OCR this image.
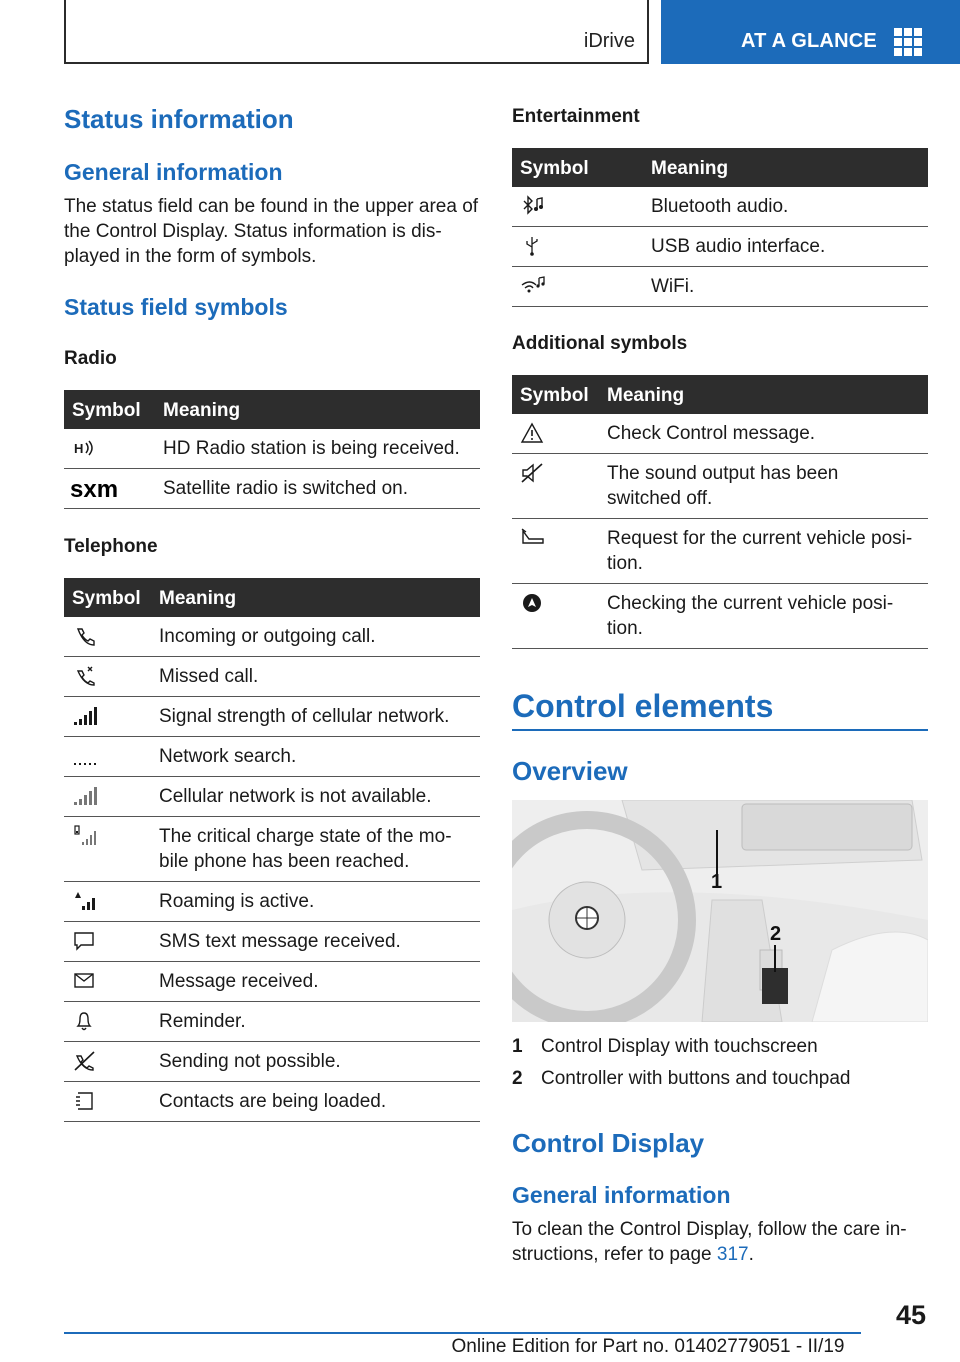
iDrive	AT A GLANCE
Status information
General information
The status field can be found in the upper area of
the Control Display. Status information is dis‐
played in the form of symbols.
Status field symbols
Radio
Symbol Meaning
H	HD Radio station is being received.
sxm Satellite radio is switched on.
Telephone
Symbol Meaning
Incoming or outgoing call.
Missed call.
Signal strength of cellular network.
Network search.
Cellular network is not available.
The critical charge state of the mo‐
bile phone has been reached.
Roaming is active.
SMS text message received.
Message received.
Reminder.
Sending not possible.
Contacts are being loaded.
Entertainment
Symbol	Meaning
Bluetooth audio.
USB audio interface.
WiFi.
Additional symbols
Symbol Meaning
Check Control message.
The sound output has been
switched off.
Request for the current vehicle posi‐
tion.
Checking the current vehicle posi‐
tion.
Control elements
Overview
1
2
1 Control Display with touchscreen
2 Controller with buttons and touchpad
Control Display
General information
To clean the Control Display, follow the care in‐
structions, refer to page 317.
45
Online Edition for Part no. 01402779051 - II/19
